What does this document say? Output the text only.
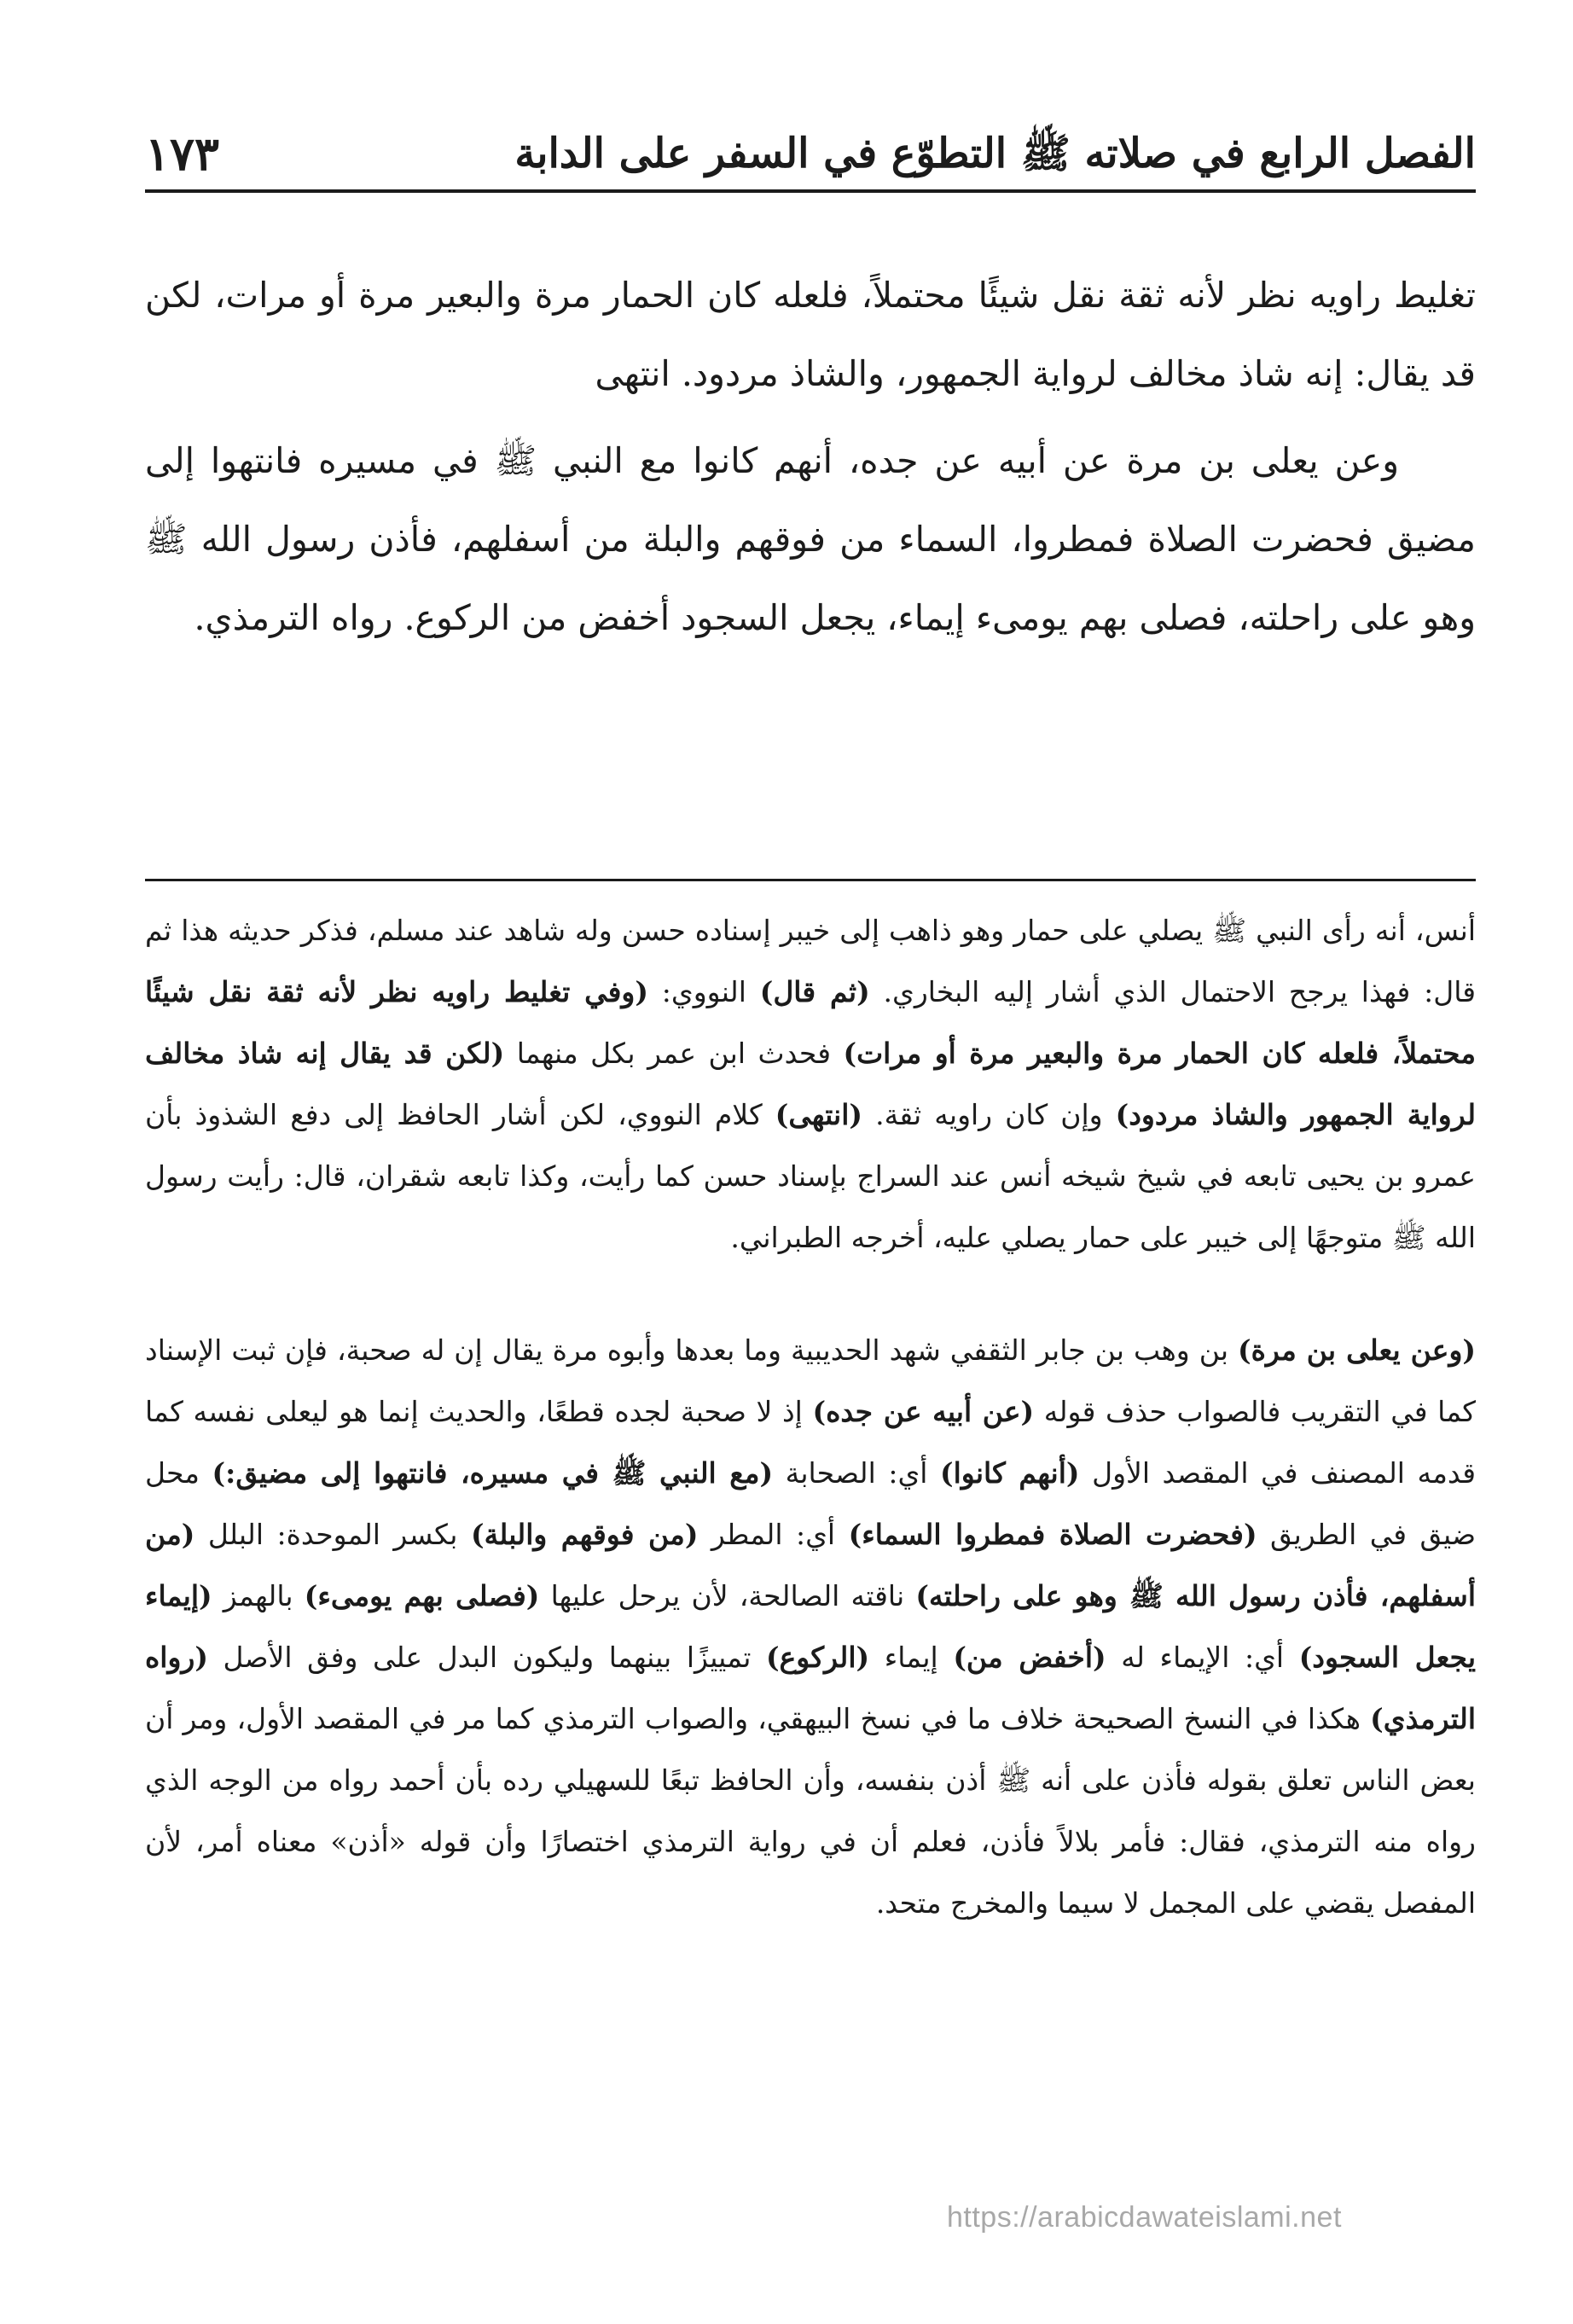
الفصل الرابع في صلاته ﷺ التطوّع في السفر على الدابة
١٧٣

تغليط راويه نظر لأنه ثقة نقل شيئًا محتملاً، فلعله كان الحمار مرة والبعير مرة أو مرات، لكن قد يقال: إنه شاذ مخالف لرواية الجمهور، والشاذ مردود. انتهى

وعن يعلى بن مرة عن أبيه عن جده، أنهم كانوا مع النبي ﷺ في مسيره فانتهوا إلى مضيق فحضرت الصلاة فمطروا، السماء من فوقهم والبلة من أسفلهم، فأذن رسول الله ﷺ وهو على راحلته، فصلى بهم يومىء إيماء، يجعل السجود أخفض من الركوع. رواه الترمذي.

أنس، أنه رأى النبي ﷺ يصلي على حمار وهو ذاهب إلى خيبر إسناده حسن وله شاهد عند مسلم، فذكر حديثه هذا ثم قال: فهذا يرجح الاحتمال الذي أشار إليه البخاري. (ثم قال) النووي: (وفي تغليط راويه نظر لأنه ثقة نقل شيئًا محتملاً، فلعله كان الحمار مرة والبعير مرة أو مرات) فحدث ابن عمر بكل منهما (لكن قد يقال إنه شاذ مخالف لرواية الجمهور والشاذ مردود) وإن كان راويه ثقة. (انتهى) كلام النووي، لكن أشار الحافظ إلى دفع الشذوذ بأن عمرو بن يحيى تابعه في شيخ شيخه أنس عند السراج بإسناد حسن كما رأيت، وكذا تابعه شقران، قال: رأيت رسول الله ﷺ متوجهًا إلى خيبر على حمار يصلي عليه، أخرجه الطبراني.

(وعن يعلى بن مرة) بن وهب بن جابر الثقفي شهد الحديبية وما بعدها وأبوه مرة يقال إن له صحبة، فإن ثبت الإسناد كما في التقريب فالصواب حذف قوله (عن أبيه عن جده) إذ لا صحبة لجده قطعًا، والحديث إنما هو ليعلى نفسه كما قدمه المصنف في المقصد الأول (أنهم كانوا) أي: الصحابة (مع النبي ﷺ في مسيره، فانتهوا إلى مضيق:) محل ضيق في الطريق (فحضرت الصلاة فمطروا السماء) أي: المطر (من فوقهم والبلة) بكسر الموحدة: البلل (من أسفلهم، فأذن رسول الله ﷺ وهو على راحلته) ناقته الصالحة، لأن يرحل عليها (فصلى بهم يومىء) بالهمز (إيماء يجعل السجود) أي: الإيماء له (أخفض من) إيماء (الركوع) تمييزًا بينهما وليكون البدل على وفق الأصل (رواه الترمذي) هكذا في النسخ الصحيحة خلاف ما في نسخ البيهقي، والصواب الترمذي كما مر في المقصد الأول، ومر أن بعض الناس تعلق بقوله فأذن على أنه ﷺ أذن بنفسه، وأن الحافظ تبعًا للسهيلي رده بأن أحمد رواه من الوجه الذي رواه منه الترمذي، فقال: فأمر بلالاً فأذن، فعلم أن في رواية الترمذي اختصارًا وأن قوله «أذن» معناه أمر، لأن المفصل يقضي على المجمل لا سيما والمخرج متحد.

https://arabicdawateislami.net
